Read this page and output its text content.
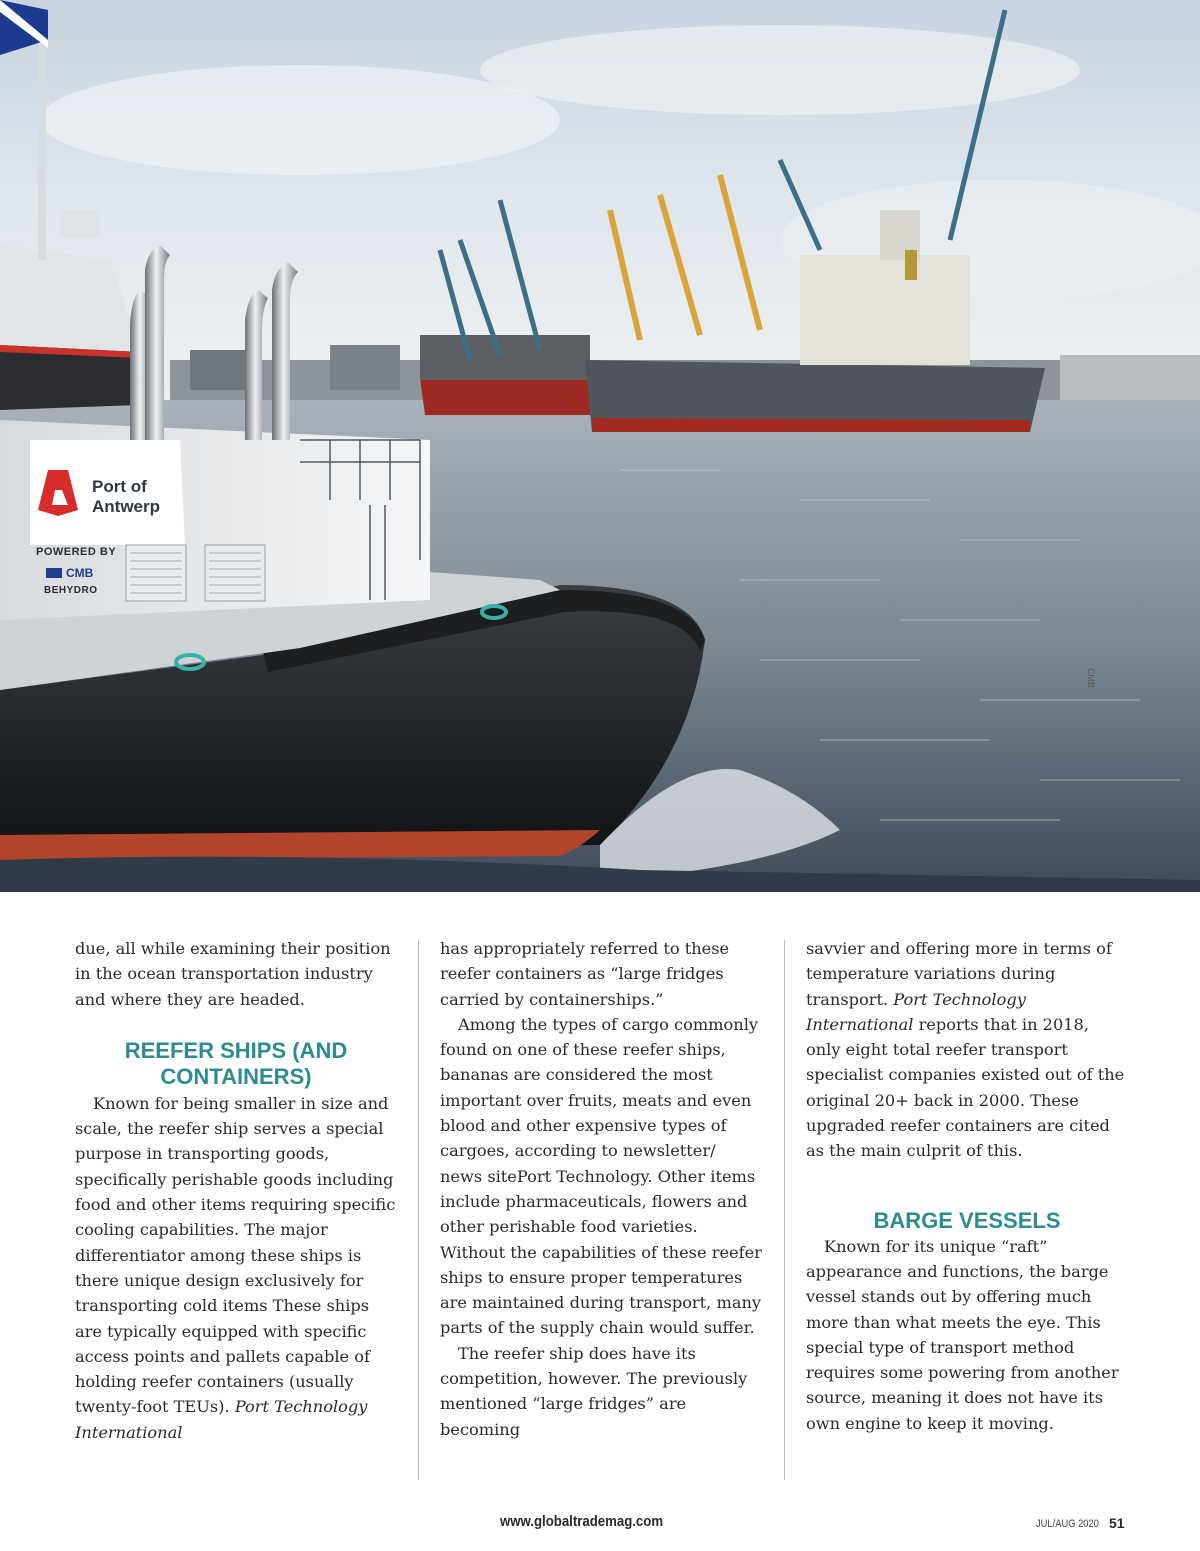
Port of
Antwerp
POWERED BY
CMB
BEHYDRO
CMB

due, all while examining their position in the ocean transportation industry and where they are headed.

REEFER SHIPS (AND
CONTAINERS)

Known for being smaller in size and scale, the reefer ship serves a special purpose in transporting goods, specifically perishable goods including food and other items requiring specific cooling capabilities. The major differentiator among these ships is there unique design exclusively for transporting cold items These ships are typically equipped with specific access points and pallets capable of holding reefer containers (usually twenty-foot TEUs). Port Technology International

has appropriately referred to these reefer containers as “large fridges carried by containerships.”

Among the types of cargo commonly found on one of these reefer ships, bananas are considered the most important over fruits, meats and even blood and other expensive types of cargoes, according to newsletter/ news sitePort Technology. Other items include pharmaceuticals, flowers and other perishable food varieties. Without the capabilities of these reefer ships to ensure proper temperatures are maintained during transport, many parts of the supply chain would suffer.

The reefer ship does have its competition, however. The previously mentioned “large fridges” are becoming

savvier and offering more in terms of temperature variations during transport. Port Technology International reports that in 2018, only eight total reefer transport specialist companies existed out of the original 20+ back in 2000. These upgraded reefer containers are cited as the main culprit of this.

BARGE VESSELS

Known for its unique “raft” appearance and functions, the barge vessel stands out by offering much more than what meets the eye. This special type of transport method requires some powering from another source, meaning it does not have its own engine to keep it moving.

www.globaltrademag.com	JUL/AUG 2020 51
